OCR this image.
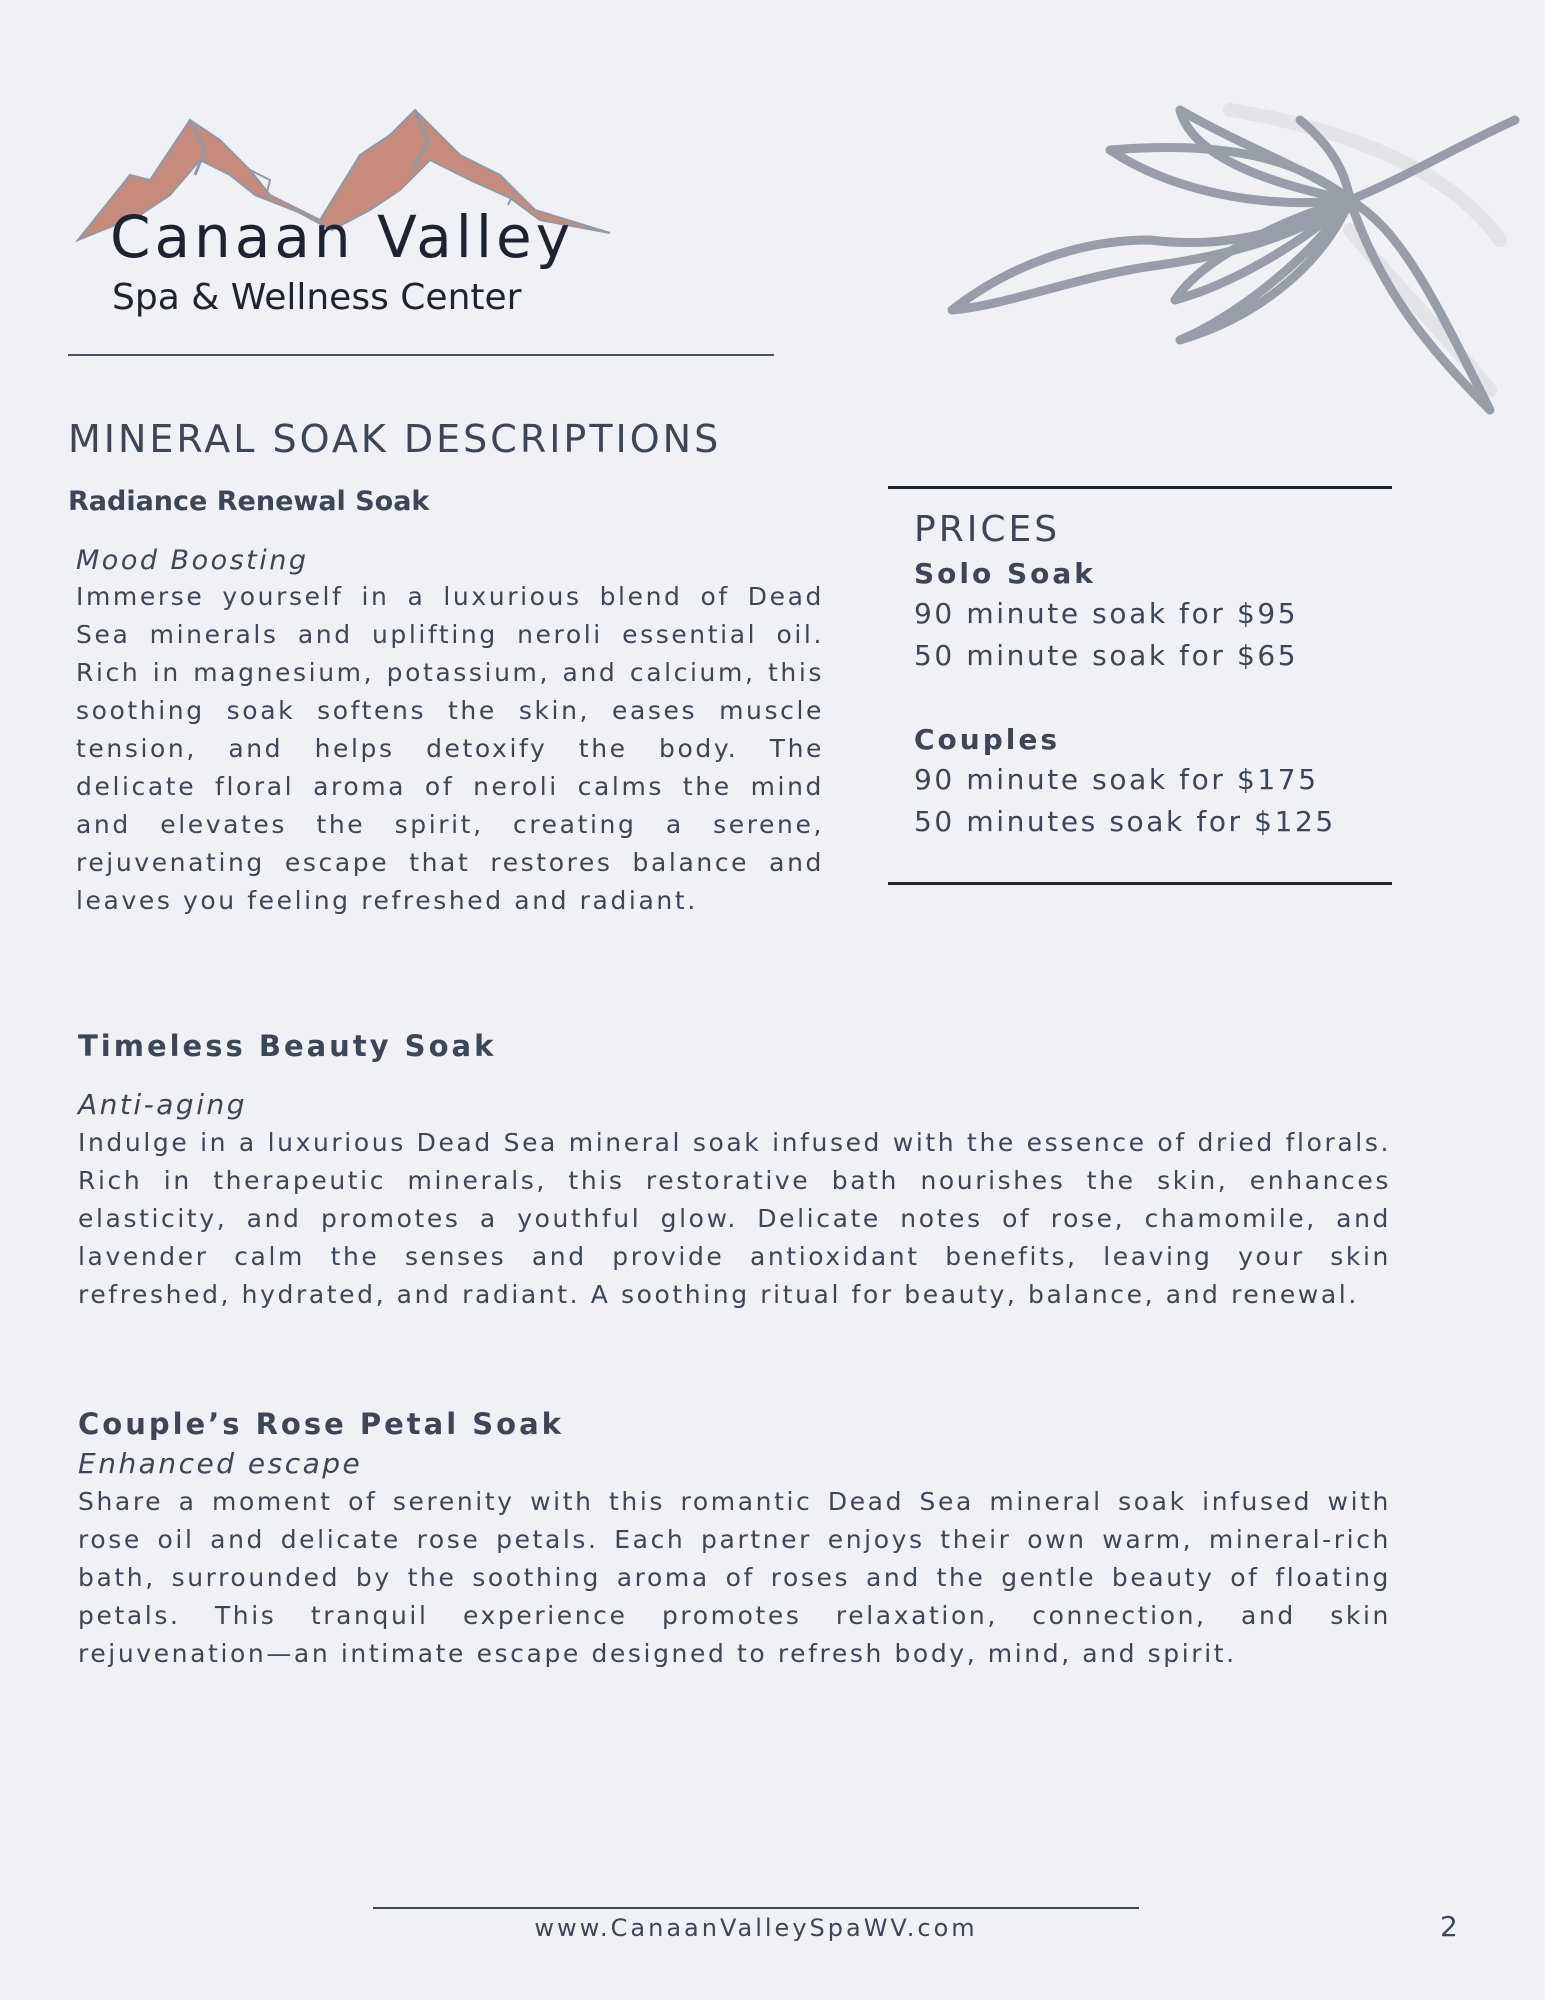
Canaan Valley
Spa & Wellness Center
MINERAL SOAK DESCRIPTIONS
Radiance Renewal Soak
Mood Boosting
Immerse yourself in a luxurious blend of Dead Sea minerals and uplifting neroli essential oil. Rich in magnesium, potassium, and calcium, this soothing soak softens the skin, eases muscle tension, and helps detoxify the body. The delicate floral aroma of neroli calms the mind and elevates the spirit, creating a serene, rejuvenating escape that restores balance and leaves you feeling refreshed and radiant.
PRICES
Solo Soak
90 minute soak for $95
50 minute soak for $65
Couples
90 minute soak for $175
50 minutes soak for $125
Timeless Beauty Soak
Anti-aging
Indulge in a luxurious Dead Sea mineral soak infused with the essence of dried florals. Rich in therapeutic minerals, this restorative bath nourishes the skin, enhances elasticity, and promotes a youthful glow. Delicate notes of rose, chamomile, and lavender calm the senses and provide antioxidant benefits, leaving your skin refreshed, hydrated, and radiant. A soothing ritual for beauty, balance, and renewal.
Couple’s Rose Petal Soak
Enhanced escape
Share a moment of serenity with this romantic Dead Sea mineral soak infused with rose oil and delicate rose petals. Each partner enjoys their own warm, mineral-rich bath, surrounded by the soothing aroma of roses and the gentle beauty of floating petals. This tranquil experience promotes relaxation, connection, and skin rejuvenation—an intimate escape designed to refresh body, mind, and spirit.
www.CanaanValleySpaWV.com	2
